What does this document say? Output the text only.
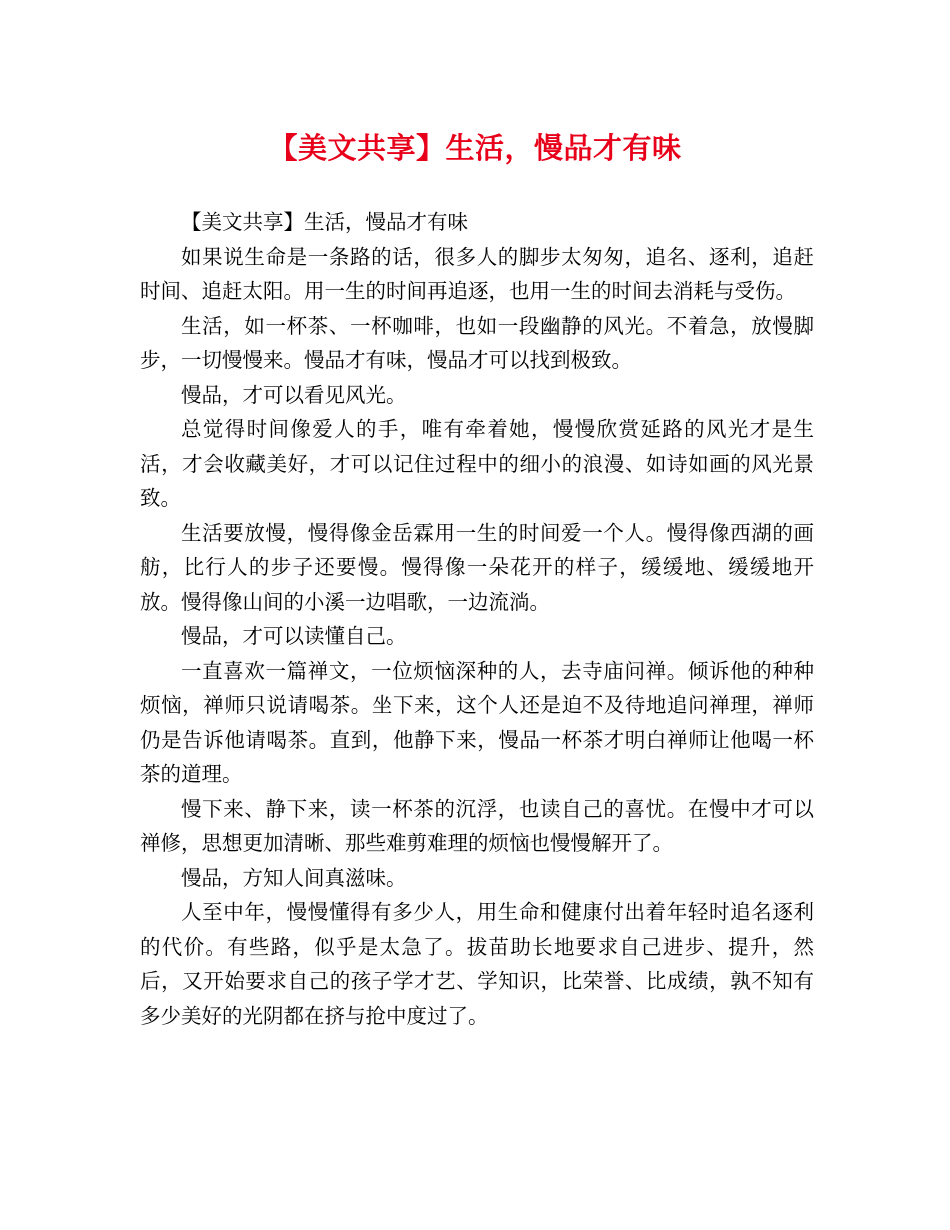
【美文共享】生活，慢品才有味

【美文共享】生活，慢品才有味

如果说生命是一条路的话，很多人的脚步太匆匆，追名、逐利，追赶时间、追赶太阳。用一生的时间再追逐，也用一生的时间去消耗与受伤。

生活，如一杯茶、一杯咖啡，也如一段幽静的风光。不着急，放慢脚步，一切慢慢来。慢品才有味，慢品才可以找到极致。

慢品，才可以看见风光。

总觉得时间像爱人的手，唯有牵着她，慢慢欣赏延路的风光才是生活，才会收藏美好，才可以记住过程中的细小的浪漫、如诗如画的风光景致。

生活要放慢，慢得像金岳霖用一生的时间爱一个人。慢得像西湖的画舫，比行人的步子还要慢。慢得像一朵花开的样子，缓缓地、缓缓地开放。慢得像山间的小溪一边唱歌，一边流淌。

慢品，才可以读懂自己。

一直喜欢一篇禅文，一位烦恼深种的人，去寺庙问禅。倾诉他的种种烦恼，禅师只说请喝茶。坐下来，这个人还是迫不及待地追问禅理，禅师仍是告诉他请喝茶。直到，他静下来，慢品一杯茶才明白禅师让他喝一杯茶的道理。

慢下来、静下来，读一杯茶的沉浮，也读自己的喜忧。在慢中才可以禅修，思想更加清晰、那些难剪难理的烦恼也慢慢解开了。

慢品，方知人间真滋味。

人至中年，慢慢懂得有多少人，用生命和健康付出着年轻时追名逐利的代价。有些路，似乎是太急了。拔苗助长地要求自己进步、提升，然后，又开始要求自己的孩子学才艺、学知识，比荣誉、比成绩，孰不知有多少美好的光阴都在挤与抢中度过了。
